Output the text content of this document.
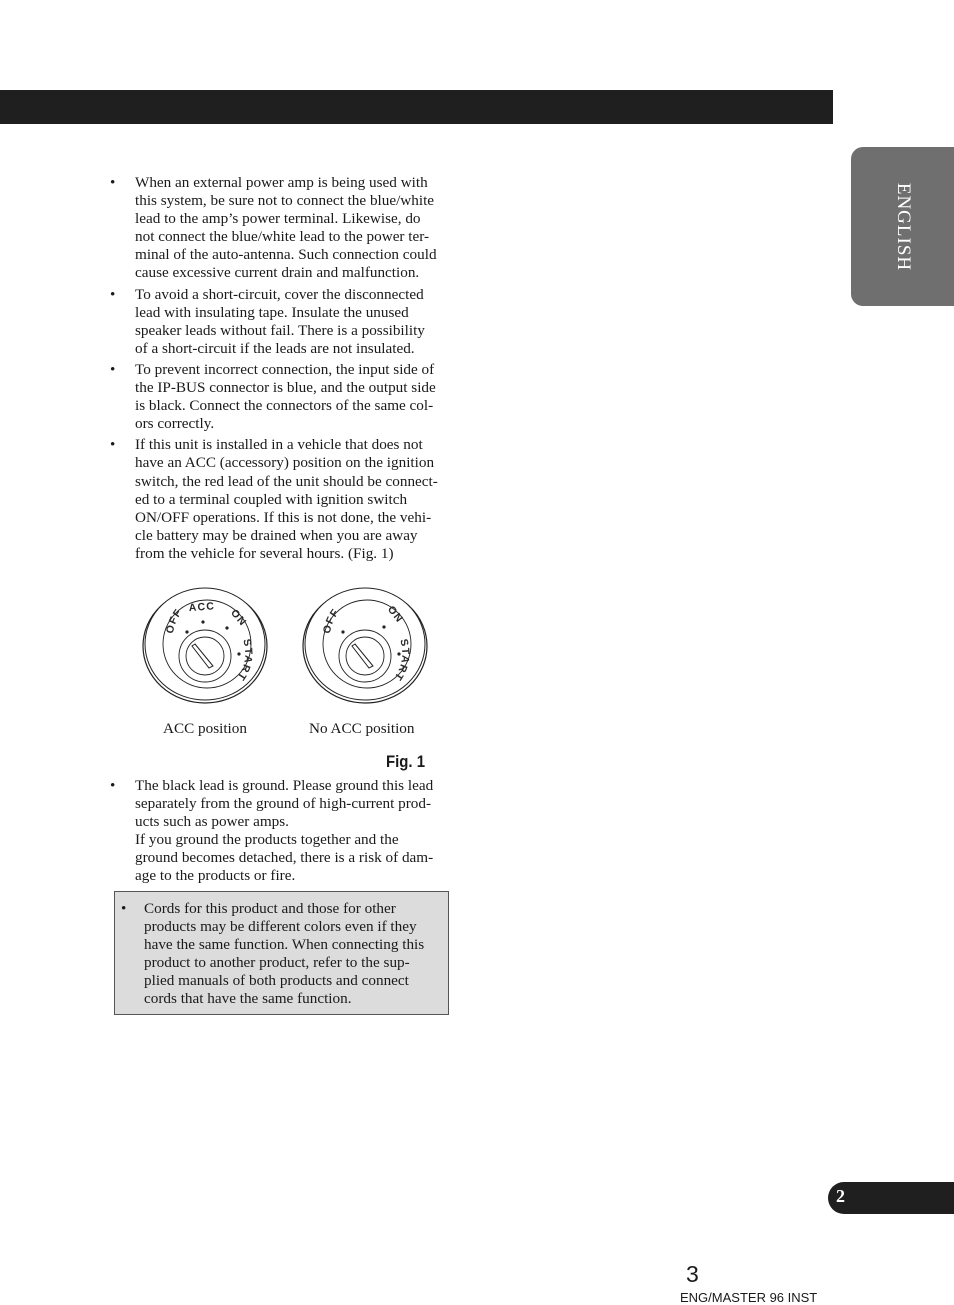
ENGLISH
• When an external power amp is being used with
this system, be sure not to connect the blue/white
lead to the amp’s power terminal. Likewise, do
not connect the blue/white lead to the power ter-
minal of the auto-antenna. Such connection could
cause excessive current drain and malfunction.
• To avoid a short-circuit, cover the disconnected
lead with insulating tape. Insulate the unused
speaker leads without fail. There is a possibility
of a short-circuit if the leads are not insulated.
• To prevent incorrect connection, the input side of
the IP-BUS connector is blue, and the output side
is black. Connect the connectors of the same col-
ors correctly.
• If this unit is installed in a vehicle that does not
have an ACC (accessory) position on the ignition
switch, the red lead of the unit should be connect-
ed to a terminal coupled with ignition switch
ON/OFF operations. If this is not done, the vehi-
cle battery may be drained when you are away
from the vehicle for several hours. (Fig. 1)
OFF ACC ON
START
OFF	ON
START
ACC position	No ACC position
Fig. 1
• The black lead is ground. Please ground this lead
separately from the ground of high-current prod-
ucts such as power amps.
If you ground the products together and the
ground becomes detached, there is a risk of dam-
age to the products or fire.
• Cords for this product and those for other
products may be different colors even if they
have the same function. When connecting this
product to another product, refer to the sup-
plied manuals of both products and connect
cords that have the same function.
2
3
ENG/MASTER 96 INST
